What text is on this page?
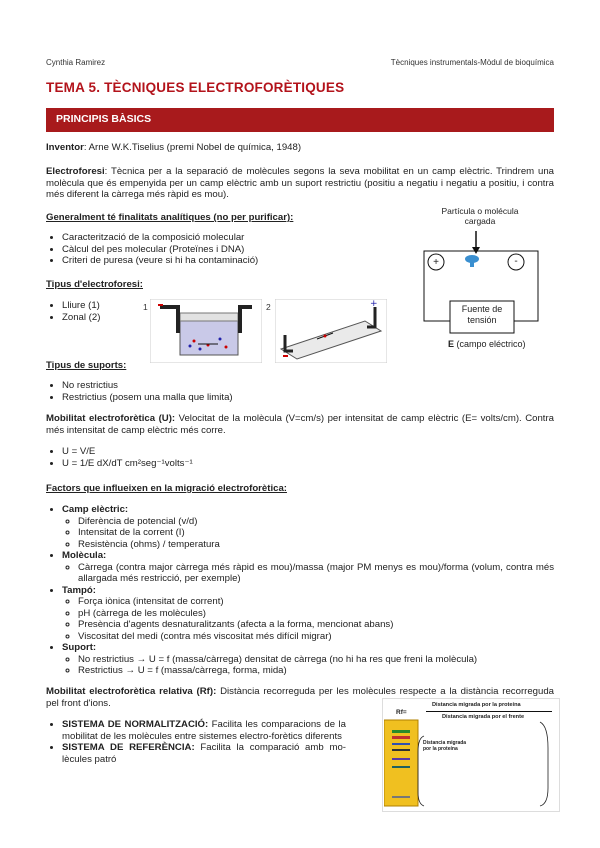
Cynthia Ramirez	Tècniques instrumentals-Mòdul de bioquímica
TEMA 5. TÈCNIQUES ELECTROFORÈTIQUES
PRINCIPIS BÀSICS
Inventor: Arne W.K.Tiselius (premi Nobel de química, 1948)
Electroforesi: Tècnica per a la separació de molècules segons la seva mobilitat en un camp elèctric. Trindrem una molècula que és empenyida per un camp elèctric amb un suport restrictiu (positiu a negatiu i negatiu a positiu, i contra més diferent la càrrega més ràpid es mou).
Generalment té finalitats analítiques (no per purificar):
• Caracterització de la composició molecular
• Càlcul del pes molecular (Proteïnes i DNA)
• Criteri de puresa (veure si hi ha contaminació)
Partícula o molécula cargada
+	-
Fuente de tensión
E (campo eléctrico)
Tipus d'electroforesi:
• Lliure (1)
• Zonal (2)
1	2	+
Tipus de suports:
• No restrictius
• Restrictius (posem una malla que limita)
Mobilitat electroforètica (U): Velocitat de la molècula (V=cm/s) per intensitat de camp elèctric (E= volts/cm). Contra més intensitat de camp elèctric més corre.
• U = V/E
• U = 1/E dX/dT cm²seg⁻¹volts⁻¹
Factors que influeixen en la migració electroforètica:
• Camp elèctric:
◦ Diferència de potencial (v/d)
◦ Intensitat de la corrent (I)
◦ Resistència (ohms) / temperatura
• Molècula:
◦ Càrrega (contra major càrrega més ràpid es mou)/massa (major PM menys es mou)/forma (volum, contra més allargada més restricció, per exemple)
• Tampó:
◦ Força iònica (intensitat de corrent)
◦ pH (càrrega de les molècules)
◦ Presència d'agents desnaturalitzants (afecta a la forma, mencionat abans)
◦ Viscositat del medi (contra més viscositat més difícil migrar)
• Suport:
◦ No restrictius → U = f (massa/càrrega) densitat de càrrega (no hi ha res que freni la molècula)
◦ Restrictius → U = f (massa/càrrega, forma, mida)
Mobilitat electroforètica relativa (Rf): Distància recorreguda per les molècules respecte a la distància recorreguda pel front d'ions.
• SISTEMA DE NORMALITZACIÓ: Facilita les comparacions de la mobilitat de les molècules entre sistemes electro-forètics diferents
• SISTEMA DE REFERÈNCIA: Facilita la comparació amb mo-lècules patró
Rf=
Distancia migrada por la proteína
Distancia migrada por el frente
Distancia migrada por la proteína
